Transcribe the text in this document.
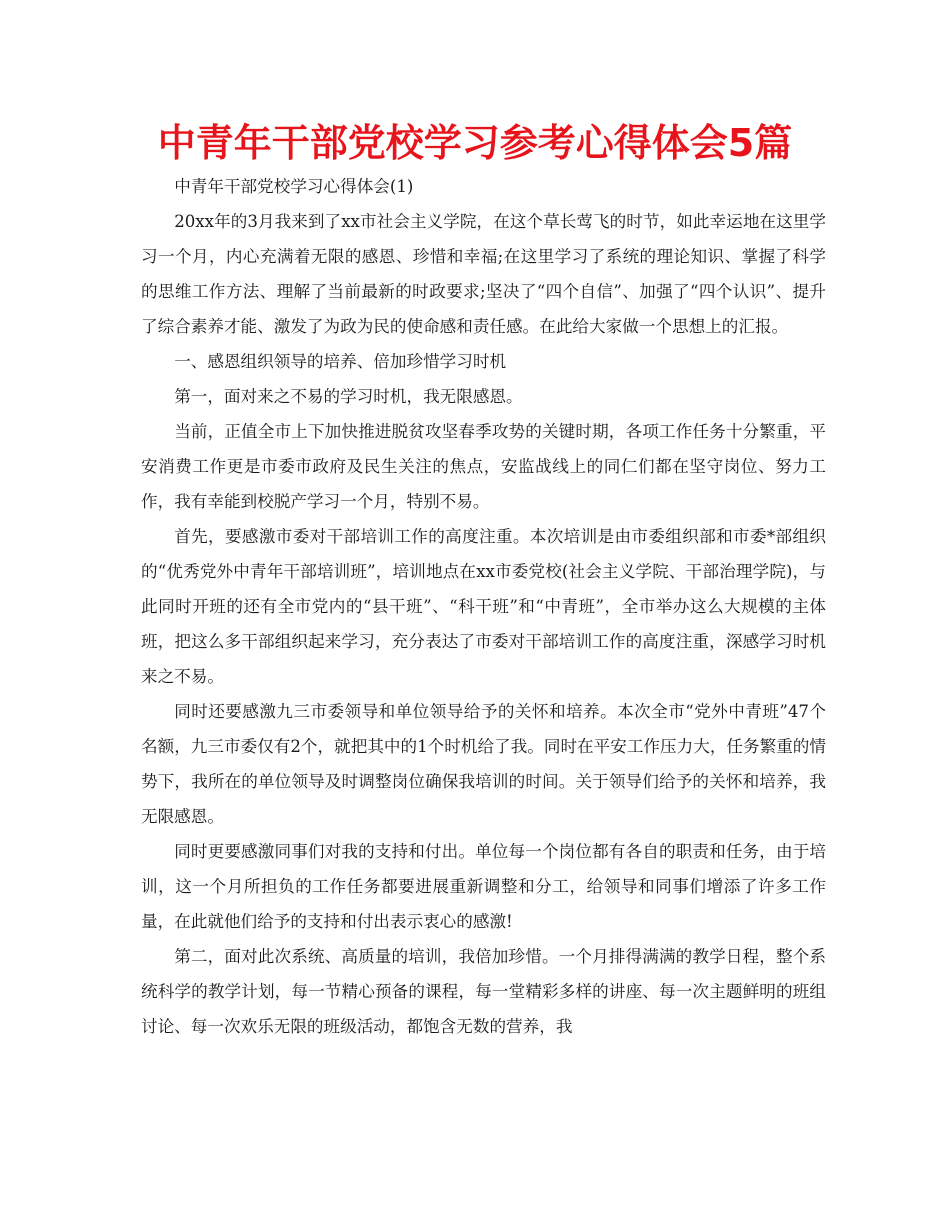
中青年干部党校学习参考心得体会5篇

中青年干部党校学习心得体会(1)

20xx年的3月我来到了xx市社会主义学院，在这个草长莺飞的时节，如此幸运地在这里学习一个月，内心充满着无限的感恩、珍惜和幸福;在这里学习了系统的理论知识、掌握了科学的思维工作方法、理解了当前最新的时政要求;坚决了“四个自信”、加强了“四个认识”、提升了综合素养才能、激发了为政为民的使命感和责任感。在此给大家做一个思想上的汇报。

一、感恩组织领导的培养、倍加珍惜学习时机

第一，面对来之不易的学习时机，我无限感恩。

当前，正值全市上下加快推进脱贫攻坚春季攻势的关键时期，各项工作任务十分繁重，平安消费工作更是市委市政府及民生关注的焦点，安监战线上的同仁们都在坚守岗位、努力工作，我有幸能到校脱产学习一个月，特别不易。

首先，要感激市委对干部培训工作的高度注重。本次培训是由市委组织部和市委*部组织的“优秀党外中青年干部培训班”，培训地点在xx市委党校(社会主义学院、干部治理学院)，与此同时开班的还有全市党内的“县干班”、“科干班”和“中青班”，全市举办这么大规模的主体班，把这么多干部组织起来学习，充分表达了市委对干部培训工作的高度注重，深感学习时机来之不易。

同时还要感激九三市委领导和单位领导给予的关怀和培养。本次全市“党外中青班”47个名额，九三市委仅有2个，就把其中的1个时机给了我。同时在平安工作压力大，任务繁重的情势下，我所在的单位领导及时调整岗位确保我培训的时间。关于领导们给予的关怀和培养，我无限感恩。

同时更要感激同事们对我的支持和付出。单位每一个岗位都有各自的职责和任务，由于培训，这一个月所担负的工作任务都要进展重新调整和分工，给领导和同事们增添了许多工作量，在此就他们给予的支持和付出表示衷心的感激!

第二，面对此次系统、高质量的培训，我倍加珍惜。一个月排得满满的教学日程，整个系统科学的教学计划，每一节精心预备的课程，每一堂精彩多样的讲座、每一次主题鲜明的班组讨论、每一次欢乐无限的班级活动，都饱含无数的营养，我
